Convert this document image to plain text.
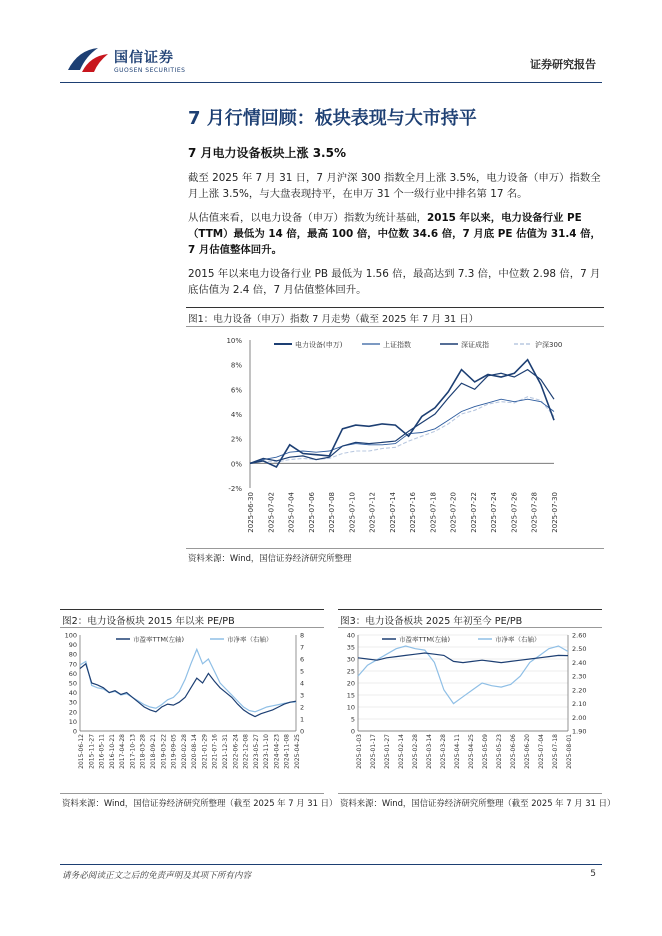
国信证券
GUOSEN SECURITIES	证券研究报告
7 月行情回顾：板块表现与大市持平
7 月电力设备板块上涨 3.5%
截至 2025 年 7 月 31 日，7 月沪深 300 指数全月上涨 3.5%，电力设备（申万）指数全月上涨 3.5%，与大盘表现持平，在申万 31 个一级行业中排名第 17 名。
从估值来看，以电力设备（申万）指数为统计基础，2015 年以来，电力设备行业 PE（TTM）最低为 14 倍，最高 100 倍，中位数 34.6 倍，7 月底 PE 估值为 31.4 倍，7 月估值整体回升。
2015 年以来电力设备行业 PB 最低为 1.56 倍，最高达到 7.3 倍，中位数 2.98 倍，7 月底估值为 2.4 倍，7 月估值整体回升。
图1：电力设备（申万）指数 7 月走势（截至 2025 年 7 月 31 日）
10%
8%
6%
4%
2%
0%
-2%
2025-06-30 2025-07-02 2025-07-04 2025-07-06 2025-07-08 2025-07-10 2025-07-12 2025-07-14 2025-07-16 2025-07-18 2025-07-20 2025-07-22 2025-07-24 2025-07-26 2025-07-28 2025-07-30
电力设备(申万)	上证指数	深证成指	沪深300
资料来源：Wind，国信证券经济研究所整理
图2：电力设备板块 2015 年以来 PE/PB
100
90
80
70
60
50
40
30
20
10
0
8
7
6
5
4
3
2
1
0
2015-06-12 2015-11-27 2016-05-11 2016-10-21 2017-04-28 2017-10-13 2018-03-28 2018-09-21 2019-03-22 2019-09-05 2020-02-28 2020-08-14 2021-01-29 2021-07-16 2021-12-31 2022-06-24 2022-12-08 2023-05-27 2023-11-10 2024-04-23 2024-11-08 2025-04-25
市盈率TTM(左轴)	市净率（右轴）
资料来源：Wind，国信证券经济研究所整理（截至 2025 年 7 月 31 日）
图3：电力设备板块 2025 年初至今 PE/PB
40
35
30
25
20
15
10
5
0
2.60
2.50
2.40
2.30
2.20
2.10
2.00
1.90
2025-01-03 2025-01-17 2025-01-27 2025-02-14 2025-02-28 2025-03-14 2025-03-28 2025-04-11 2025-04-25 2025-05-09 2025-05-23 2025-06-06 2025-06-20 2025-07-04 2025-07-18 2025-08-01
市盈率TTM(左轴)	市净率（右轴）
资料来源：Wind，国信证券经济研究所整理（截至 2025 年 7 月 31 日）
请务必阅读正文之后的免责声明及其项下所有内容	5
